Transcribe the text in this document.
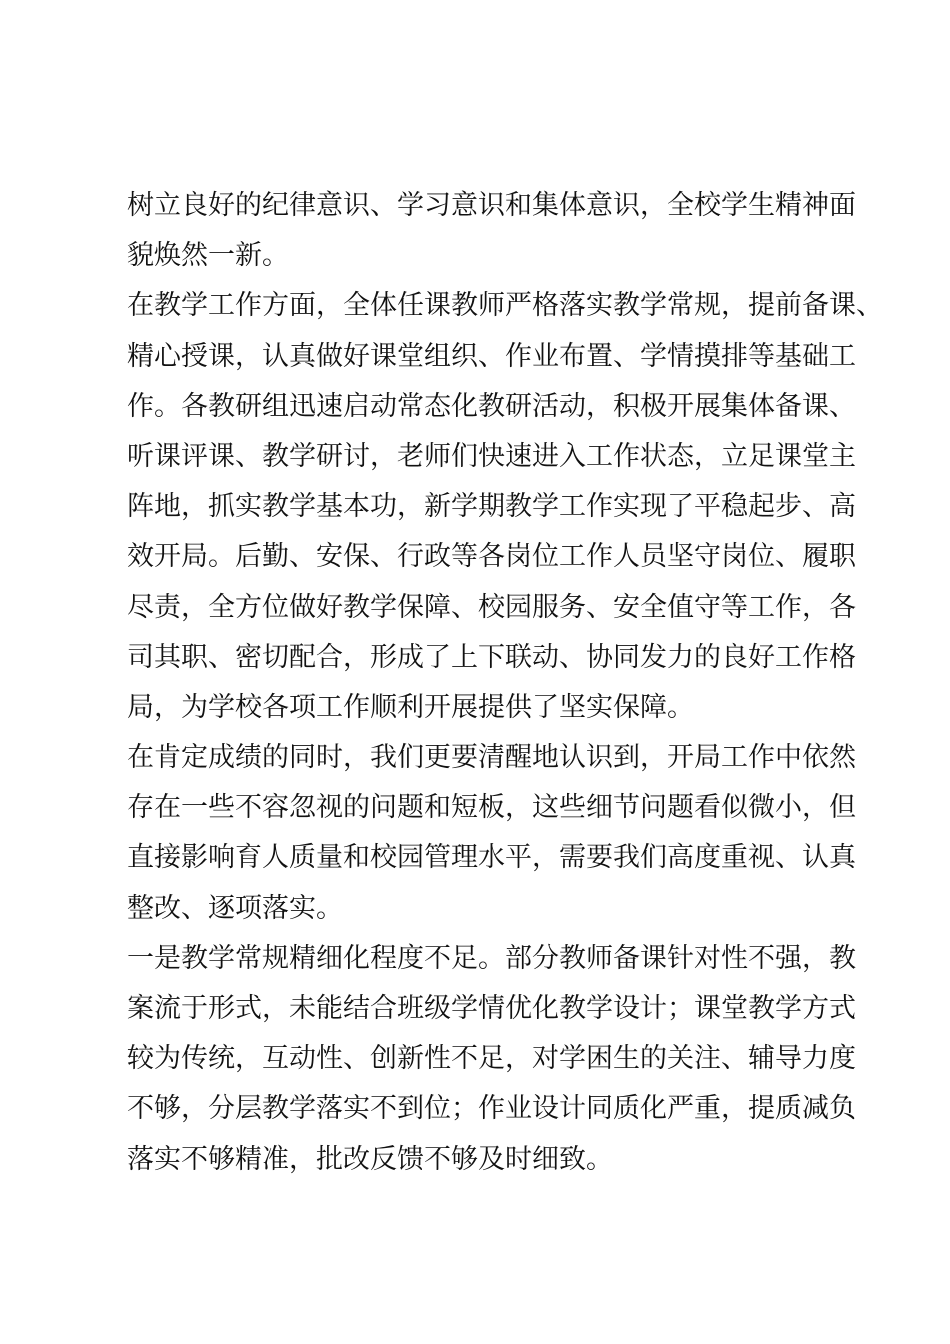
树立良好的纪律意识、学习意识和集体意识，全校学生精神面
貌焕然一新。
在教学工作方面，全体任课教师严格落实教学常规，提前备课、
精心授课，认真做好课堂组织、作业布置、学情摸排等基础工
作。各教研组迅速启动常态化教研活动，积极开展集体备课、
听课评课、教学研讨，老师们快速进入工作状态，立足课堂主
阵地，抓实教学基本功，新学期教学工作实现了平稳起步、高
效开局。后勤、安保、行政等各岗位工作人员坚守岗位、履职
尽责，全方位做好教学保障、校园服务、安全值守等工作，各
司其职、密切配合，形成了上下联动、协同发力的良好工作格
局，为学校各项工作顺利开展提供了坚实保障。
在肯定成绩的同时，我们更要清醒地认识到，开局工作中依然
存在一些不容忽视的问题和短板，这些细节问题看似微小，但
直接影响育人质量和校园管理水平，需要我们高度重视、认真
整改、逐项落实。
一是教学常规精细化程度不足。部分教师备课针对性不强，教
案流于形式，未能结合班级学情优化教学设计；课堂教学方式
较为传统，互动性、创新性不足，对学困生的关注、辅导力度
不够，分层教学落实不到位；作业设计同质化严重，提质减负
落实不够精准，批改反馈不够及时细致。
